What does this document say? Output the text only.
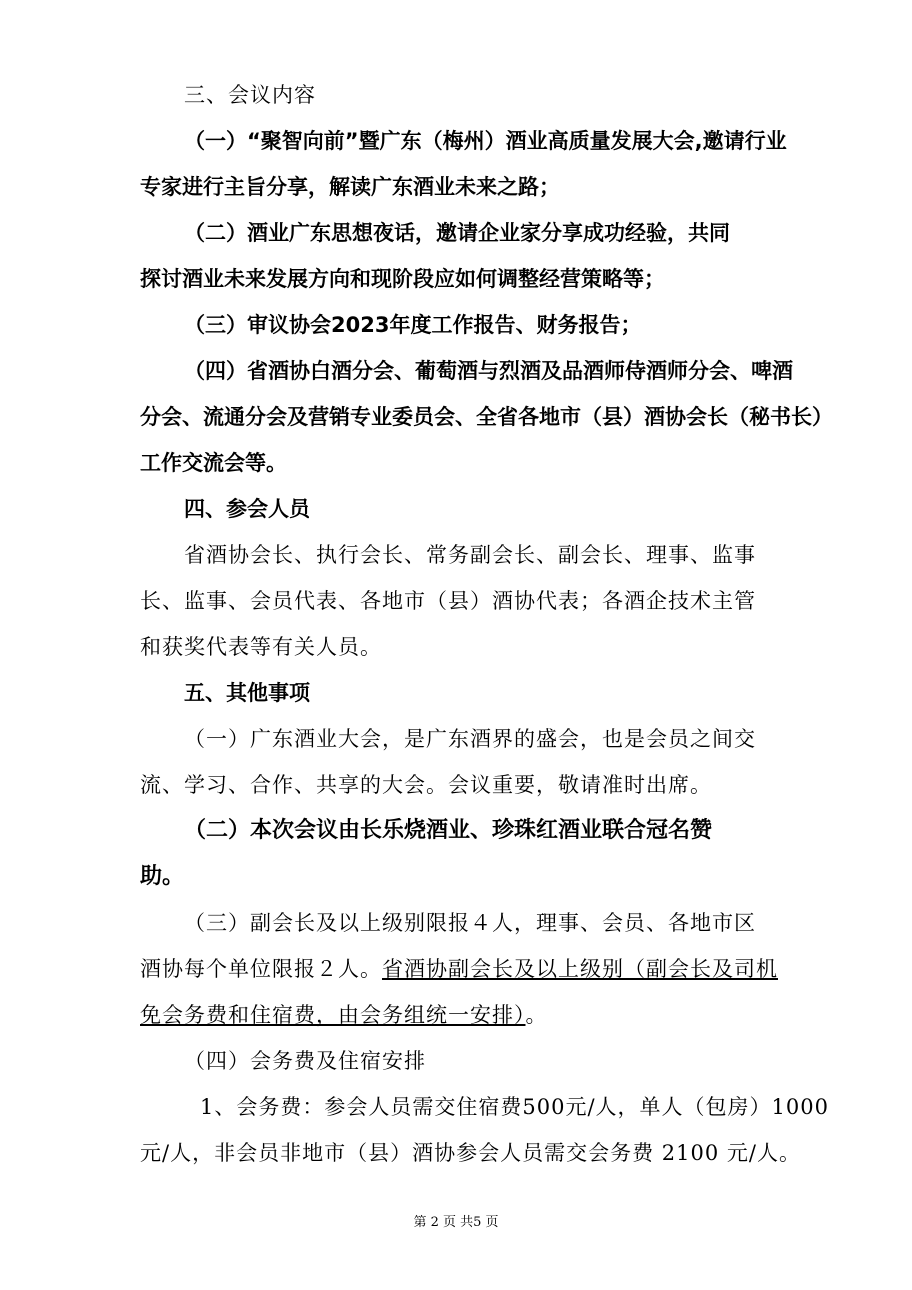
三、会议内容
（一）“聚智向前”暨广东（梅州）酒业高质量发展大会,邀请行业
专家进行主旨分享，解读广东酒业未来之路；
（二）酒业广东思想夜话，邀请企业家分享成功经验，共同
探讨酒业未来发展方向和现阶段应如何调整经营策略等；
（三）审议协会2023年度工作报告、财务报告；
（四）省酒协白酒分会、葡萄酒与烈酒及品酒师侍酒师分会、啤酒
分会、流通分会及营销专业委员会、全省各地市（县）酒协会长（秘书长）
工作交流会等。
四、参会人员
省酒协会长、执行会长、常务副会长、副会长、理事、监事
长、监事、会员代表、各地市（县）酒协代表；各酒企技术主管
和获奖代表等有关人员。
五、其他事项
（一）广东酒业大会，是广东酒界的盛会，也是会员之间交
流、学习、合作、共享的大会。会议重要，敬请准时出席。
（二）本次会议由长乐烧酒业、珍珠红酒业联合冠名赞
助。
（三）副会长及以上级别限报４人，理事、会员、各地市区
酒协每个单位限报２人。省酒协副会长及以上级别（副会长及司机
免会务费和住宿费，由会务组统一安排）。
（四）会务费及住宿安排
1、会务费：参会人员需交住宿费500元/人，单人（包房）1000
元/人，非会员非地市（县）酒协参会人员需交会务费 2100 元/人。
第 2 页 共5 页
